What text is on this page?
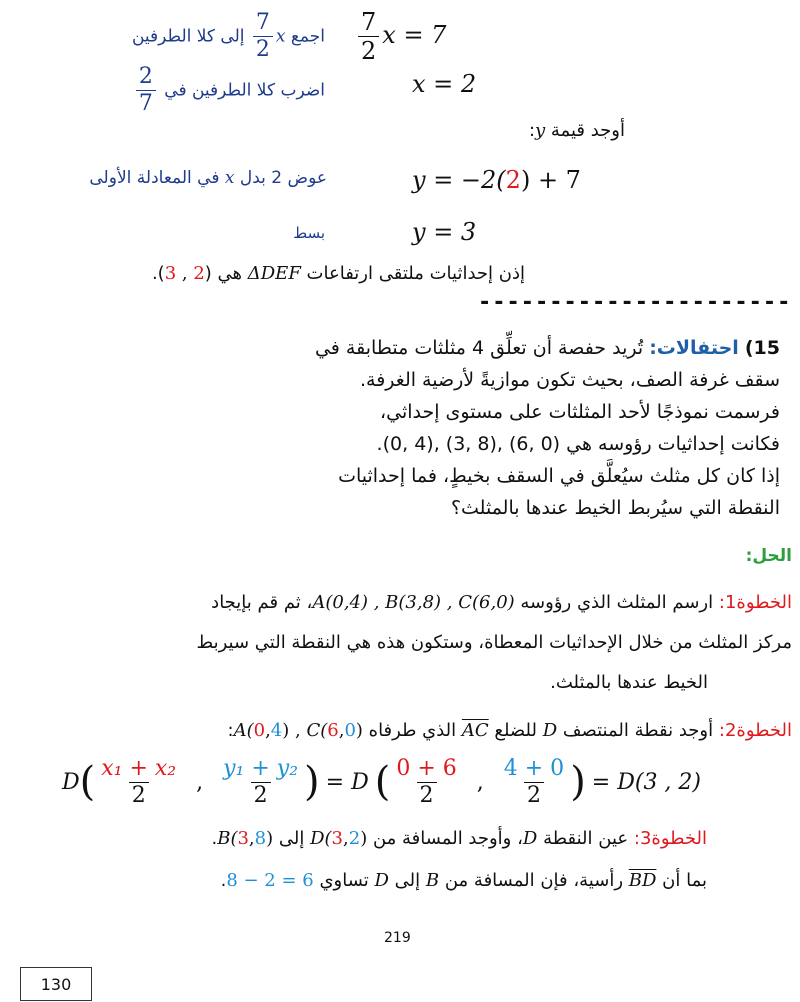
$\frac{7}{2}$ x = 7
اجمع x
$\frac{7}{2}$
إلى كلا الطرفين
x = 2
اضرب كلا الطرفين في
$\frac{2}{7}$
أوجد قيمة y:
عوض 2 بدل x في المعادلة الأولى	y = −2(2) + 7
بسط	y = 3
إذن إحداثيات ملتقى ارتفاعات ΔDEF هي (2 , 3).
----------------------
15) احتفالات: تُريد حفصة أن تعلِّق 4 مثلثات متطابقة في
سقف غرفة الصف، بحيث تكون موازيةً لأرضية الغرفة.
فرسمت نموذجًا لأحد المثلثات على مستوى إحداثي،
فكانت إحداثيات رؤوسه هي (0 ,6) ,(8 ,3) ,(4 ,0).
إذا كان كل مثلث سيُعلَّق في السقف بخيطٍ، فما إحداثيات
النقطة التي سيُربط الخيط عندها بالمثلث؟
الحل:
الخطوة1: ارسم المثلث الذي رؤوسه A(0,4) , B(3,8) , C(6,0)، ثم قم بإيجاد
مركز المثلث من خلال الإحداثيات المعطاة، وستكون هذه هي النقطة التي سيربط
الخيط عندها بالمثلث.
الخطوة2: أوجد نقطة المنتصف D للضلع AC الذي طرفاه A(0,4) , C(6,0):
D ( $\frac{\text{x₁ + x₂}}{2}$ , $\frac{\text{y₁ + y₂}}{2}$ ) = D ( $\frac{0 + 6}{2}$ , $\frac{4 + 0}{2}$ ) = D(3 , 2)
الخطوة3: عين النقطة D، وأوجد المسافة من D(3,2) إلى B(3,8).
بما أن BD رأسية، فإن المسافة من B إلى D تساوي 8 − 2 = 6.
219
130
